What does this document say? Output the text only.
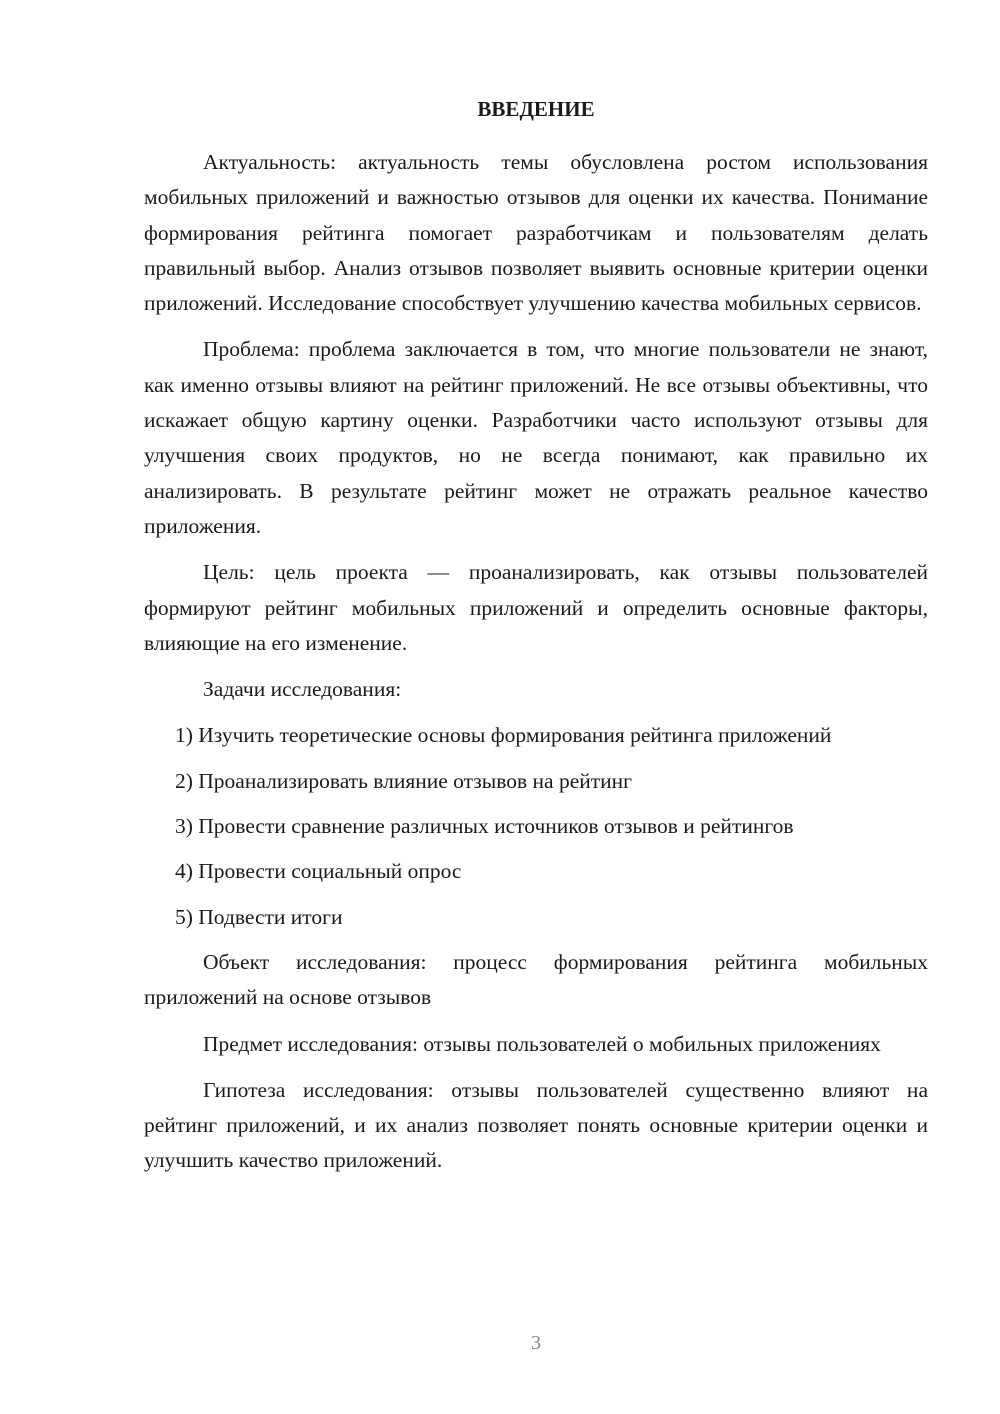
ВВЕДЕНИЕ

Актуальность: актуальность темы обусловлена ростом использования мобильных приложений и важностью отзывов для оценки их качества. Понимание формирования рейтинга помогает разработчикам и пользователям делать правильный выбор. Анализ отзывов позволяет выявить основные критерии оценки приложений. Исследование способствует улучшению качества мобильных сервисов.

Проблема: проблема заключается в том, что многие пользователи не знают, как именно отзывы влияют на рейтинг приложений. Не все отзывы объективны, что искажает общую картину оценки. Разработчики часто используют отзывы для улучшения своих продуктов, но не всегда понимают, как правильно их анализировать. В результате рейтинг может не отражать реальное качество приложения.

Цель: цель проекта — проанализировать, как отзывы пользователей формируют рейтинг мобильных приложений и определить основные факторы, влияющие на его изменение.

Задачи исследования:

1) Изучить теоретические основы формирования рейтинга приложений

2) Проанализировать влияние отзывов на рейтинг

3) Провести сравнение различных источников отзывов и рейтингов

4) Провести социальный опрос

5) Подвести итоги

Объект исследования: процесс формирования рейтинга мобильных приложений на основе отзывов

Предмет исследования: отзывы пользователей о мобильных приложениях

Гипотеза исследования: отзывы пользователей существенно влияют на рейтинг приложений, и их анализ позволяет понять основные критерии оценки и улучшить качество приложений.

3
